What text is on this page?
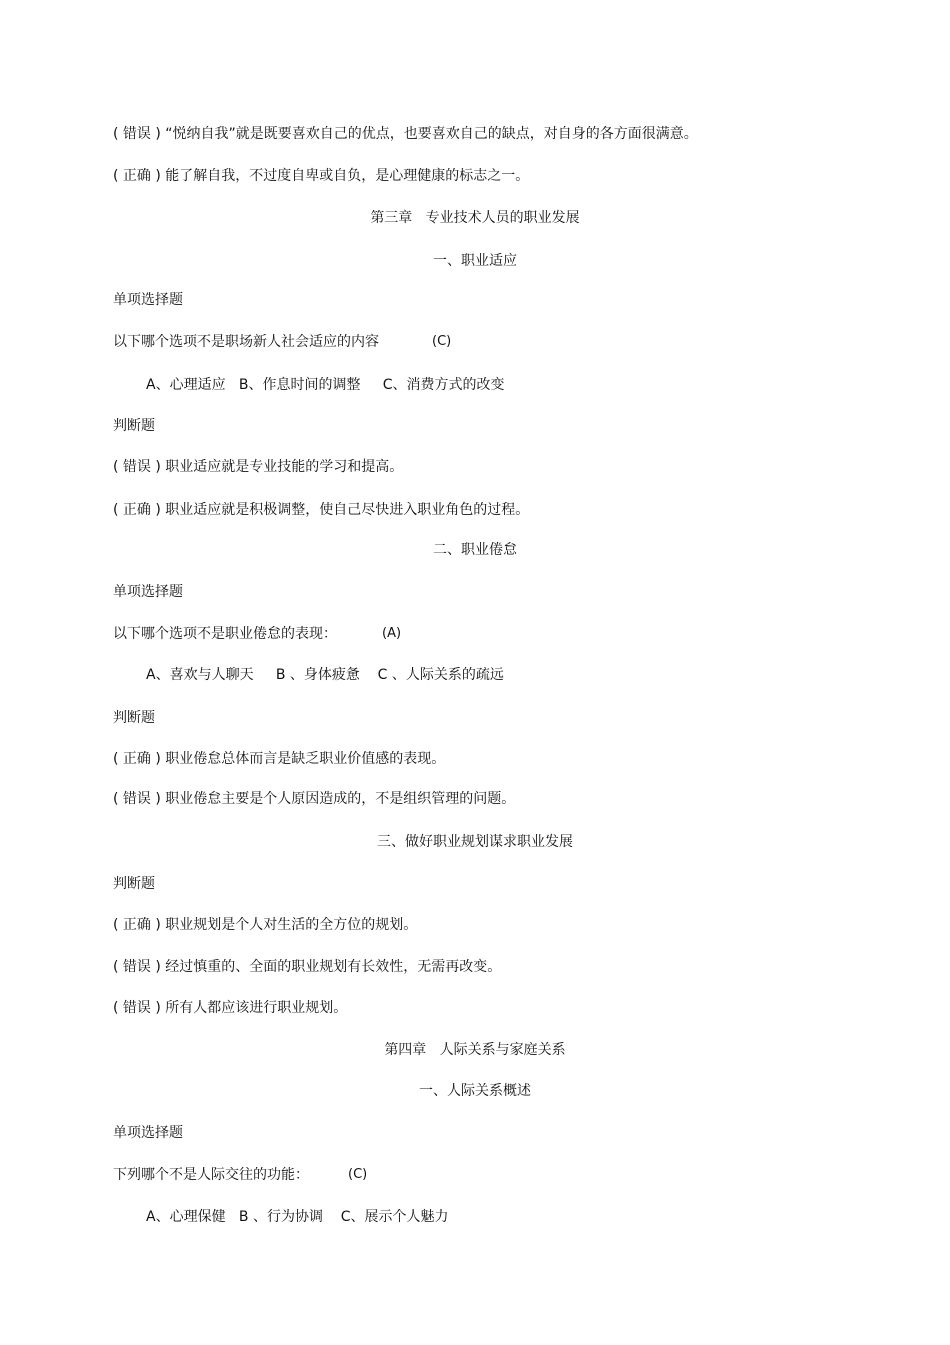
( 错误 ) “悦纳自我”就是既要喜欢自己的优点，也要喜欢自己的缺点，对自身的各方面很满意。
( 正确 ) 能了解自我，不过度自卑或自负，是心理健康的标志之一。
第三章   专业技术人员的职业发展
一、职业适应
单项选择题
以下哪个选项不是职场新人社会适应的内容	(C)
A、心理适应   B、作息时间的调整     C、消费方式的改变
判断题
( 错误 ) 职业适应就是专业技能的学习和提高。
( 正确 ) 职业适应就是积极调整，使自己尽快进入职业角色的过程。
二、职业倦怠
单项选择题
以下哪个选项不是职业倦怠的表现：	(A)
A、喜欢与人聊天     B 、身体疲惫    C 、人际关系的疏远
判断题
( 正确 ) 职业倦怠总体而言是缺乏职业价值感的表现。
( 错误 ) 职业倦怠主要是个人原因造成的，不是组织管理的问题。
三、做好职业规划谋求职业发展
判断题
( 正确 ) 职业规划是个人对生活的全方位的规划。
( 错误 ) 经过慎重的、全面的职业规划有长效性，无需再改变。
( 错误 ) 所有人都应该进行职业规划。
第四章   人际关系与家庭关系
一、人际关系概述
单项选择题
下列哪个不是人际交往的功能：	(C)
A、心理保健   B 、行为协调    C、展示个人魅力
